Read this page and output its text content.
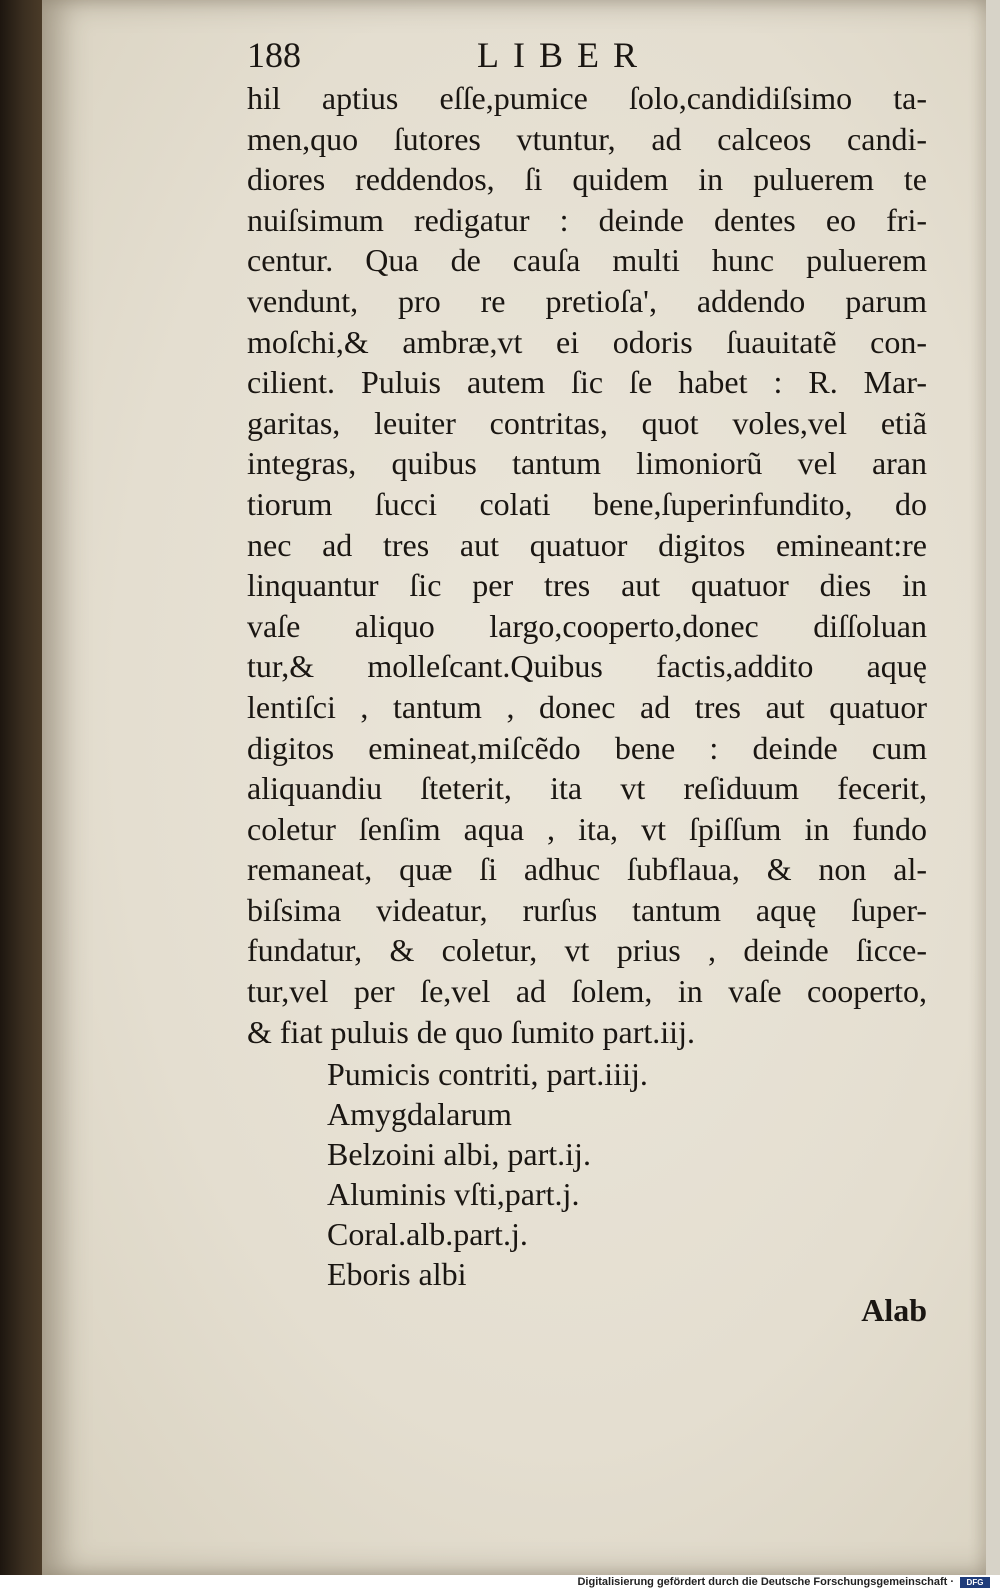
188	LIBER
hil aptius eſſe,pumice ſolo,candidiſsimo ta-
men,quo ſutores vtuntur, ad calceos candi-
diores reddendos, ſi quidem in puluerem te
nuiſsimum redigatur : deinde dentes eo fri-
centur. Qua de cauſa multi hunc puluerem
vendunt, pro re pretioſa', addendo parum
moſchi,& ambræ,vt ei odoris ſuauitatẽ con-
cilient. Puluis autem ſic ſe habet : R. Mar-
garitas, leuiter contritas, quot voles,vel etiã
integras, quibus tantum limoniorũ vel aran
tiorum ſucci colati bene,ſuperinfundito, do
nec ad tres aut quatuor digitos emineant:re
linquantur ſic per tres aut quatuor dies in
vaſe aliquo largo,cooperto,donec diſſoluan
tur,& molleſcant.Quibus factis,addito aquę
lentiſci , tantum , donec ad tres aut quatuor
digitos emineat,miſcẽdo bene : deinde cum
aliquandiu ſteterit, ita vt reſiduum fecerit,
coletur ſenſim aqua , ita, vt ſpiſſum in fundo
remaneat, quæ ſi adhuc ſubflaua, & non al-
biſsima videatur, rurſus tantum aquę ſuper-
fundatur, & coletur, vt prius , deinde ſicce-
tur,vel per ſe,vel ad ſolem, in vaſe cooperto,
& fiat puluis de quo ſumito part.iij.
Pumicis contriti, part.iiij.
Amygdalarum
Belzoini albi, part.ij.
Aluminis vſti,part.j.
Coral.alb.part.j.
Eboris albi
Alab
Digitalisierung gefördert durch die Deutsche Forschungsgemeinschaft ·	DFG
